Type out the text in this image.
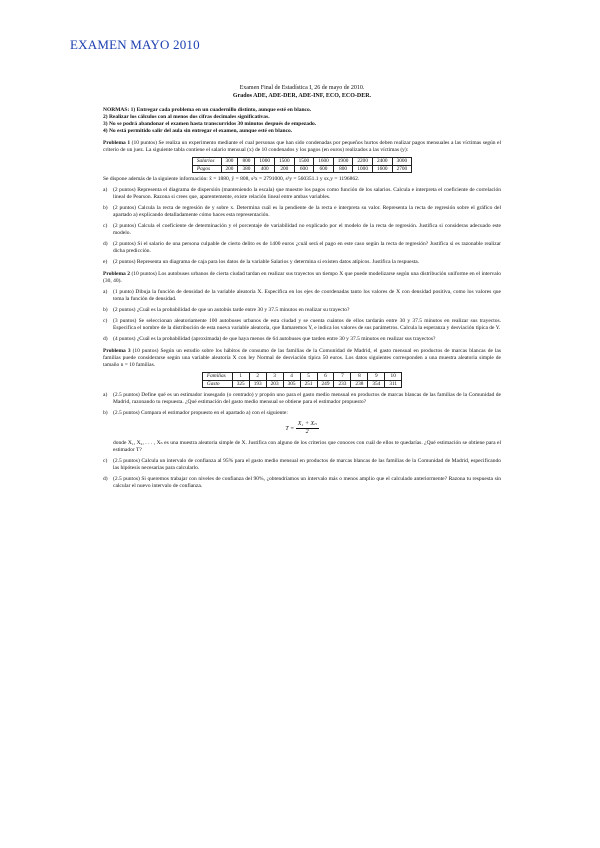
EXAMEN MAYO 2010
Examen Final de Estadística I, 26 de mayo de 2010.
Grados ADE, ADE-DER, ADE-INF, ECO, ECO-DER.

NORMAS: 1) Entregar cada problema en un cuadernillo distinto, aunque esté en blanco.

2) Realizar los cálculos con al menos dos cifras decimales significativas.

3) No se podrá abandonar el examen hasta transcurridos 30 minutos después de empezado.

4) No está permitido salir del aula sin entregar el examen, aunque esté en blanco.

Problema 1 (10 puntos) Se realiza un experimento mediante el cual personas que han sido condenadas por pequeños hurtos deben realizar pagos mensuales a las víctimas según el criterio de un juez. La siguiente tabla contiene el salario mensual (x) de 10 condenados y los pagos (en euros) realizados a las víctimas (y):

Salarios	300	800	1000	1500	1500	1600	1900	2200	2400	3000
Pagos	200	380	400	200	600	600	800	1000	1600	2700

Se dispone además de la siguiente información: x̄ = 1880, ȳ = 808, s²x = 2791000, s²y = 560351.1 y sx,y = 1196862.

a)	(2 puntos) Representa el diagrama de dispersión (manteniendo la escala) que muestre los pagos como función de los salarios. Calcula e interpreta el coeficiente de correlación lineal de Pearson. Razona si crees que, aparentemente, existe relación lineal entre ambas variables.
b) (2 puntos) Calcula la recta de regresión de y sobre x. Determina cuál es la pendiente de la recta e interpreta su valor. Representa la recta de regresión sobre el gráfico del apartado a) explicando detalladamente cómo haces esta representación.
c)	(2 puntos) Calcula el coeficiente de determinación y el porcentaje de variabilidad no explicado por el modelo de la recta de regresión. Justifica si consideras adecuado este modelo.
d) (2 puntos) Si el salario de una persona culpable de cierto delito es de 1400 euros ¿cuál será el pago en este caso según la recta de regresión? Justifica si es razonable realizar dicha predicción.
e)	(2 puntos) Representa un diagrama de caja para los datos de la variable Salarios y determina si existen datos atípicos. Justifica la respuesta.

Problema 2 (10 puntos) Los autobuses urbanos de cierta ciudad tardan en realizar sus trayectos un tiempo X que puede modelizarse según una distribución uniforme en el intervalo (30, 40).

a)	(1 punto) Dibuja la función de densidad de la variable aleatoria X. Especifica en los ejes de coordenadas tanto los valores de X con densidad positiva, como los valores que toma la función de densidad.
b) (2 puntos) ¿Cuál es la probabilidad de que un autobús tarde entre 30 y 37.5 minutos en realizar su trayecto?
c)	(3 puntos) Se seleccionan aleatoriamente 100 autobuses urbanos de esta ciudad y se cuenta cuántos de ellos tardarán entre 30 y 37.5 minutos en realizar sus trayectos. Especifica el nombre de la distribución de esta nueva variable aleatoria, que llamaremos Y, e indica los valores de sus parámetros. Calcula la esperanza y desviación típica de Y.
d) (4 puntos) ¿Cuál es la probabilidad (aproximada) de que haya menos de 64 autobuses que tarden entre 30 y 37.5 minutos en realizar sus trayectos?

Problema 3 (10 puntos) Según un estudio sobre los hábitos de consumo de las familias de la Comunidad de Madrid, el gasto mensual en productos de marcas blancas de las familias puede considerarse según una variable aleatoria X con ley Normal de desviación típica 50 euros. Los datos siguientes corresponden a una muestra aleatoria simple de tamaño n = 10 familias.

Familias	1	2	3	4	5	6	7	8	9	10
Gasto	325	193	203	305	251	249	233	238	354	311
a)	(2.5 puntos) Define qué es un estimador insesgado (o centrado) y propón uno para el gasto medio mensual en productos de marcas blancas de las familias de la Comunidad de Madrid, razonando tu respuesta. ¿Qué estimación del gasto medio mensual se obtiene para el estimador propuesto?
b) (2.5 puntos) Compara el estimador propuesto en el apartado a) con el siguiente:
$T = \frac{\text{X₁ + Xₙ}}{2}$
donde X₁, X₂, . . . , Xₙ es una muestra aleatoria simple de X. Justifica con alguno de los criterios que conoces con cuál de ellos te quedarías. ¿Qué estimación se obtiene para el estimador T?
c)	(2.5 puntos) Calcula un intervalo de confianza al 95% para el gasto medio mensual en productos de marcas blancas de las familias de la Comunidad de Madrid, especificando las hipótesis necesarias para calcularlo.
d) (2.5 puntos) Si queremos trabajar con niveles de confianza del 90%, ¿obtendríamos un intervalo más o menos amplio que el calculado anteriormente? Razona tu respuesta sin calcular el nuevo intervalo de confianza.
